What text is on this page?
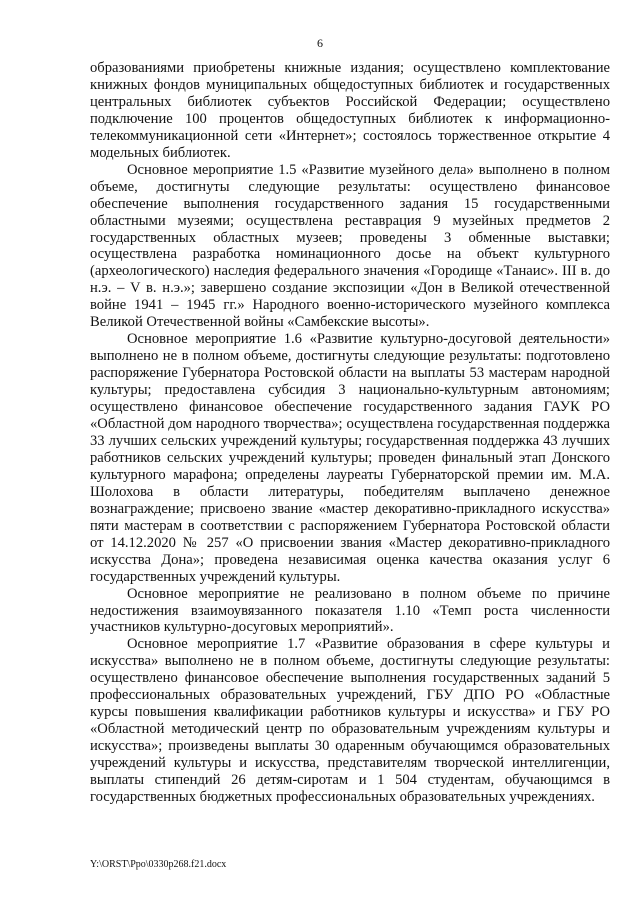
6

образованиями приобретены книжные издания; осуществлено комплектование книжных фондов муниципальных общедоступных библиотек и государственных центральных библиотек субъектов Российской Федерации; осуществлено подключение 100 процентов общедоступных библиотек к информационно-телекоммуникационной сети «Интернет»; состоялось торжественное открытие 4 модельных библиотек.

Основное мероприятие 1.5 «Развитие музейного дела» выполнено в полном объеме, достигнуты следующие результаты: осуществлено финансовое обеспечение выполнения государственного задания 15 государственными областными музеями; осуществлена реставрация 9 музейных предметов 2 государственных областных музеев; проведены 3 обменные выставки; осуществлена разработка номинационного досье на объект культурного (археологического) наследия федерального значения «Городище «Танаис». III в. до н.э. – V в. н.э.»; завершено создание экспозиции «Дон в Великой отечественной войне 1941 – 1945 гг.» Народного военно-исторического музейного комплекса Великой Отечественной войны «Самбекские высоты».

Основное мероприятие 1.6 «Развитие культурно-досуговой деятельности» выполнено не в полном объеме, достигнуты следующие результаты: подготовлено распоряжение Губернатора Ростовской области на выплаты 53 мастерам народной культуры; предоставлена субсидия 3 национально-культурным автономиям; осуществлено финансовое обеспечение государственного задания ГАУК РО «Областной дом народного творчества»; осуществлена государственная поддержка 33 лучших сельских учреждений культуры; государственная поддержка 43 лучших работников сельских учреждений культуры; проведен финальный этап Донского культурного марафона; определены лауреаты Губернаторской премии им. М.А. Шолохова в области литературы, победителям выплачено денежное вознаграждение; присвоено звание «мастер декоративно-прикладного искусства» пяти мастерам в соответствии с распоряжением Губернатора Ростовской области от 14.12.2020 № 257 «О присвоении звания «Мастер декоративно-прикладного искусства Дона»; проведена независимая оценка качества оказания услуг 6 государственных учреждений культуры.

Основное мероприятие не реализовано в полном объеме по причине недостижения взаимоувязанного показателя 1.10 «Темп роста численности участников культурно-досуговых мероприятий».

Основное мероприятие 1.7 «Развитие образования в сфере культуры и искусства» выполнено не в полном объеме, достигнуты следующие результаты: осуществлено финансовое обеспечение выполнения государственных заданий 5 профессиональных образовательных учреждений, ГБУ ДПО РО «Областные курсы повышения квалификации работников культуры и искусства» и ГБУ РО «Областной методический центр по образовательным учреждениям культуры и искусства»; произведены выплаты 30 одаренным обучающимся образовательных учреждений культуры и искусства, представителям творческой интеллигенции, выплаты стипендий 26 детям-сиротам и 1 504 студентам, обучающимся в государственных бюджетных профессиональных образовательных учреждениях.

Y:\ORST\Ppo\0330p268.f21.docx
